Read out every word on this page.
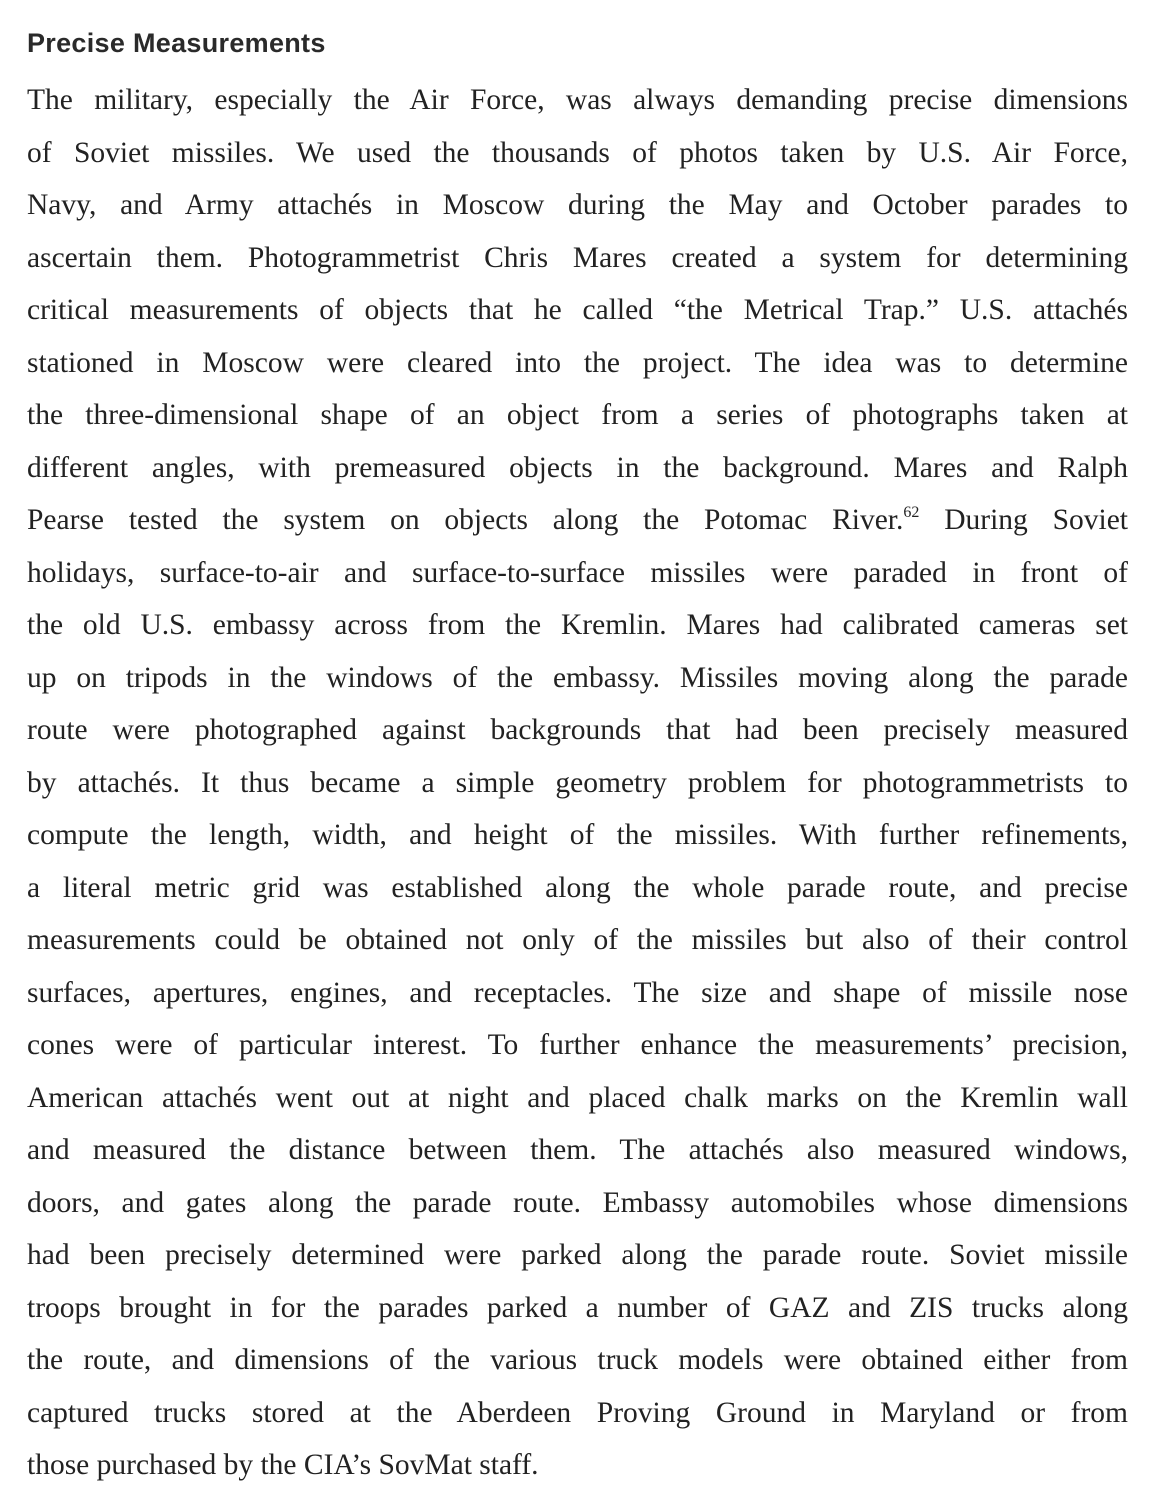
Precise Measurements
The military, especially the Air Force, was always demanding precise dimensions
of Soviet missiles. We used the thousands of photos taken by U.S. Air Force,
Navy, and Army attachés in Moscow during the May and October parades to
ascertain them. Photogrammetrist Chris Mares created a system for determining
critical measurements of objects that he called “the Metrical Trap.” U.S. attachés
stationed in Moscow were cleared into the project. The idea was to determine
the three-dimensional shape of an object from a series of photographs taken at
different angles, with premeasured objects in the background. Mares and Ralph
Pearse tested the system on objects along the Potomac River.$^{62}$ During Soviet
holidays, surface-to-air and surface-to-surface missiles were paraded in front of
the old U.S. embassy across from the Kremlin. Mares had calibrated cameras set
up on tripods in the windows of the embassy. Missiles moving along the parade
route were photographed against backgrounds that had been precisely measured
by attachés. It thus became a simple geometry problem for photogrammetrists to
compute the length, width, and height of the missiles. With further refinements,
a literal metric grid was established along the whole parade route, and precise
measurements could be obtained not only of the missiles but also of their control
surfaces, apertures, engines, and receptacles. The size and shape of missile nose
cones were of particular interest. To further enhance the measurements’ precision,
American attachés went out at night and placed chalk marks on the Kremlin wall
and measured the distance between them. The attachés also measured windows,
doors, and gates along the parade route. Embassy automobiles whose dimensions
had been precisely determined were parked along the parade route. Soviet missile
troops brought in for the parades parked a number of GAZ and ZIS trucks along
the route, and dimensions of the various truck models were obtained either from
captured trucks stored at the Aberdeen Proving Ground in Maryland or from
those purchased by the CIA’s SovMat staff.
